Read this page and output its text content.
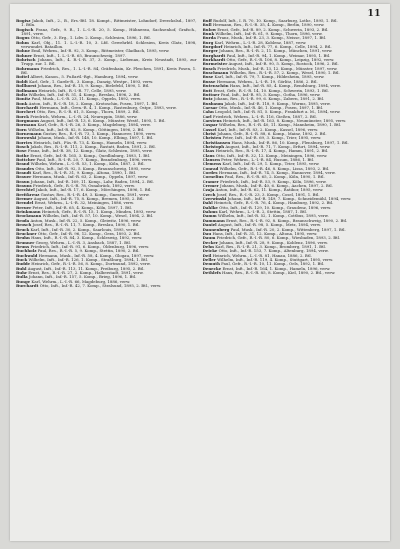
11
Bogisz Jakob, Inft., 2., B., Ers.-Btl. 18. Kompt., Rittmeister, Lohndorf, Dreeckslsd., 1897, 1. Btln.
Bogisch Franz, Gefr., 9. R., 1. L.-I.-R. 20, 5. Komp., Hühnerau, Sachsenhof, Grafsch., 1891, verw.
Bogus Otto, Gefr., 3. Erg., 1. Ldw. 2. Komp., Schlesien, 1896, 1. Btl.
Bohm Karl, Obj., 11. 1. L.-I.-R. 10, 3. Lfd. Gewehrbtl. Schlesien, Kreis Glatz, 1898, verwundet. Bataillon.
Bohne Emil, Wehrm., Inf.-R. 92, 3. Komp., Rittmeister, Gladbach, 1895, verw.
Bohner Ernst, Inft., 1. L.-I.-R. 65, Braunschweig, 1897.
Bohrisch Johann, Inft., 4. R.-I.-R. 37, 3. Komp., Liebenau, Kreis Neustadt, 1895, zur Trupp. zur. 1. Btl.
Bohrmann Friedrich, Res., 1. L.-I.-R. 84, Gräfenhain, Kr. Pleschen, 1891, Kreis Posen, 1. Btl.
Boitel Albert, Kanon., 5. Fußartl.-Rgt., Hamburg, 1894, verw.
Boldt Karl, Gefr., 1. Garde-R., 3. Komp., Danzig, Westpr., 1893, verw.
Bollhorst Johann, Res., Inf.-R. 15, 9. Komp., Bielefeld, 1890, 1. Btl.
Bollmann Heinrich, Inft., R.-I.-R. 77, Celle, 1895, verw.
Boltz Wilhelm, Inft., Inf.-R. 51, 4. Komp., Breslau, 1896, 2. Btl.
Bonitz Paul, Musk., L.-I.-R. 23, 11. Komp., Oppeln, 1892, verw.
Bonk Anton, Inft., R.-I.-R. 18, 2. Komp., Krotoschin, Posen, 1897, 1. Btl.
Borchardt Hermann, Inft., Gren.-R. 4, 1. Komp., Rastenburg, Ostpr., 1893, verw.
Borchert Otto, Res., R.-I.-R. 61, 5. Komp., Thorn, 1889, 2. Btl.
Borck Friedrich, Wehrm., L.-I.-R. 24, Neuruppin, 1886, verw.
Borgmann August, Inft., Inf.-R. 13, 6. Komp., Münster, Westf., 1895, 1. Btl.
Bormann Karl, Gefr., R.-I.-R. 26, 3. Komp., Magdeburg, 1894, verw.
Born Wilhelm, Inft., Inf.-R. 82, 8. Komp., Göttingen, 1896, 2. Btl.
Bornemann Gustav, Res., R.-I.-R. 73, 1. Komp., Hannover, 1890, verw.
Borowski Johann, Musk., Inf.-R. 148, 10. Komp., Elbing, 1897, 1. Btl.
Borries Heinrich, Inft., Füs.-R. 73, 4. Komp., Hameln, 1894, verw.
Bosch Jakob, Res., R.-I.-R. 111, 2. Komp., Rastatt, Baden, 1891, 2. Btl.
Bose Franz, Inft., Inf.-R. 38, 12. Komp., Glatz, Schlesien, 1895, verw.
Bothe Ernst, Gefr., Inf.-R. 165, 3. Komp., Quedlinburg, 1893, 1. Btl.
Bottcher Paul, Inft., R.-I.-R. 20, 7. Komp., Brandenburg, 1896, verw.
Brand Wilhelm, Wehrm., L.-I.-R. 53, 1. Komp., Köln, 1887, 2. Btl.
Brandes Otto, Inft., Inf.-R. 92, 5. Komp., Braunschweig, 1895, verw.
Brandt Karl, Res., R.-I.-R. 31, 9. Komp., Altona, 1890, 1. Btl.
Brauer Hermann, Musk., Inf.-R. 63, 2. Komp., Oppeln, 1897, verw.
Braun Johann, Inft., Inf.-R. 169, 11. Komp., Lahr, Baden, 1894, 2. Btl.
Brauns Friedrich, Gefr., R.-I.-R. 78, Osnabrück, 1892, verw.
Brechtel Jakob, Inft., Inf.-R. 17, 6. Komp., Mörchingen, 1896, 1. Btl.
Breitkreuz Gustav, Res., R.-I.-R. 49, 3. Komp., Gnesen, 1891, verw.
Bremer August, Inft., Inf.-R. 75, 8. Komp., Bremen, 1895, 2. Btl.
Brendel Ernst, Wehrm., L.-I.-R. 32, Meiningen, 1886, verw.
Breuer Peter, Inft., Inf.-R. 65, 4. Komp., Köln, 1897, 1. Btl.
Brinkmann Heinrich, Gefr., R.-I.-R. 15, 1. Komp., Minden, 1893, verw.
Brockmann Wilhelm, Inft., Inf.-R. 57, 10. Komp., Wesel, 1894, 2. Btl.
Broda Anton, Musk., Inf.-R. 22, 5. Komp., Gleiwitz, 1896, verw.
Brosch Josef, Res., R.-I.-R. 11, 7. Komp., Breslau, 1890, 1. Btl.
Bruck Karl, Inft., Inf.-R. 30, 2. Komp., Saarlouis, 1895, verw.
Bruckner Otto, Gefr., Inf.-R. 96, 12. Komp., Gera, 1893, 2. Btl.
Bruhn Hans, Inft., R.-I.-R. 84, 3. Komp., Schleswig, 1892, verw.
Brunner Georg, Wehrm., L.-I.-R. 3, Ansbach, 1887, 1. Btl.
Bruns Friedrich, Inft., Inf.-R. 91, 6. Komp., Oldenburg, 1896, verw.
Buchholz Paul, Res., R.-I.-R. 5, 9. Komp., Stettin, 1890, 2. Btl.
Buchwald Hermann, Musk., Inf.-R. 58, 4. Komp., Glogau, 1897, verw.
Buck Wilhelm, Inft., Inf.-R. 126, 1. Komp., Straßburg, 1894, 1. Btl.
Budde Heinrich, Gefr., R.-I.-R. 56, 8. Komp., Dortmund, 1892, verw.
Buhl August, Inft., Inf.-R. 113, 11. Komp., Freiburg, 1895, 2. Btl.
Buhr Ernst, Res., R.-I.-R. 27, 2. Komp., Halberstadt, 1891, verw.
Bulla Johann, Inft., Inf.-R. 157, 5. Komp., Brieg, 1896, 1. Btl.
Bunge Karl, Wehrm., L.-I.-R. 66, Magdeburg, 1886, verw.
Burchardt Otto, Inft., Inf.-R. 42, 7. Komp., Stralsund, 1895, 2. Btl., verw.
Buff Rudolf, Inft., I. R. 70, 10. Komp., Saarburg, Lothr., 1895, 1. Btl.
Bull Hermann, Res., R.-I.-R. 35, 4. Komp., Berlin, 1890, verw.
Bulow Ernst, Gefr., Inf.-R. 89, 2. Komp., Schwerin, 1893, 2. Btl.
Bunk Wilhelm, Inft., Inf.-R. 61, 9. Komp., Thorn, 1896, verw.
Burda Franz, Musk., Inf.-R. 23, 3. Komp., Neisse, 1897, 1. Btl.
Burg Karl, Wehrm., L.-I.-R. 28, Koblenz, 1887, verw.
Burgdorf Heinrich, Inft., Inf.-R. 77, 6. Komp., Celle, 1894, 2. Btl.
Burger Johann, Res., R.-I.-R. 2, 11. Komp., München, 1891, verw.
Burghardt Paul, Inft., Inf.-R. 94, 1. Komp., Weimar, 1895, 1. Btl.
Burkhardt Otto, Gefr., R.-I.-R. 106, 8. Komp., Leipzig, 1892, verw.
Burmeister August, Inft., Inf.-R. 90, 5. Komp., Rostock, 1896, 2. Btl.
Busch Friedrich, Musk., Inf.-R. 13, 12. Komp., Münster, 1897, verw.
Buschmann Wilhelm, Res., R.-I.-R. 57, 2. Komp., Wesel, 1890, 1. Btl.
Buse Karl, Inft., Inf.-R. 79, 7. Komp., Hildesheim, 1895, verw.
Busse Hermann, Wehrm., L.-I.-R. 19, Görlitz, 1886, 2. Btl.
Butenschön Hans, Inft., Inf.-R. 85, 4. Komp., Rendsburg, 1894, verw.
Butt Ernst, Gefr., R.-I.-R. 14, 10. Komp., Schwerin, 1893, 1. Btl.
Buttner Paul, Inft., Inf.-R. 95, 3. Komp., Gotha, 1896, verw.
Butz Johann, Res., R.-I.-R. 99, 6. Komp., Zabern, 1891, 2. Btl.
Buxbaum Jakob, Inft., Inf.-R. 118, 9. Komp., Worms, 1895, verw.
Caesar Otto, Musk., Inf.-R. 46, 1. Komp., Posen, 1897, 1. Btl.
Cahn Leopold, Inft., Inf.-R. 81, 5. Komp., Frankfurt a. M., 1894, verw.
Carl Friedrich, Wehrm., L.-I.-R. 116, Gießen, 1887, 2. Btl.
Carstens Heinrich, Inft., Inf.-R. 163, 8. Komp., Neumünster, 1895, verw.
Caspar Wilhelm, Res., R.-I.-R. 40, 11. Komp., Mannheim, 1890, 1. Btl.
Cassel Karl, Inft., Inf.-R. 83, 2. Komp., Kassel, 1896, verw.
Christ Johann, Gefr., R.-I.-R. 88, 6. Komp., Mainz, 1892, 2. Btl.
Christen Peter, Inft., Inf.-R. 69, 3. Komp., Trier, 1895, verw.
Christiansen Hans, Musk., Inf.-R. 86, 10. Komp., Flensburg, 1897, 1. Btl.
Christoph August, Inft., Inf.-R. 71, 7. Komp., Erfurt, 1894, verw.
Claas Heinrich, Res., R.-I.-R. 17, 4. Komp., Hamm, 1891, 2. Btl.
Claus Otto, Inft., Inf.-R. 32, 12. Komp., Meiningen, 1896, verw.
Clausen Peter, Wehrm., L.-I.-R. 84, Husum, 1886, 1. Btl.
Clemens Karl, Inft., Inf.-R. 29, 1. Komp., Trier, 1895, verw.
Conrad Wilhelm, Gefr., R.-I.-R. 46, 8. Komp., Lissa, 1893, 2. Btl.
Cordes Hermann, Inft., Inf.-R. 74, 5. Komp., Hannover, 1894, verw.
Cornelius Paul, Res., R.-I.-R. 65, 2. Komp., Köln, 1890, 1. Btl.
Cramer Friedrich, Inft., Inf.-R. 53, 9. Komp., Köln, 1896, verw.
Cremer Johann, Musk., Inf.-R. 40, 6. Komp., Aachen, 1897, 2. Btl.
Czaja Anton, Inft., Inf.-R. 62, 11. Komp., Ratibor, 1895, verw.
Czech Josef, Res., R.-I.-R. 23, 3. Komp., Cosel, 1891, 1. Btl.
Czerwinski Johann, Inft., Inf.-R. 149, 7. Komp., Schneidemühl, 1894, verw.
Dahl Heinrich, Gefr., R.-I.-R. 76, 4. Komp., Hamburg, 1892, 2. Btl.
Dahlke Otto, Inft., Inf.-R. 129, 10. Komp., Graudenz, 1896, verw.
Dahms Karl, Wehrm., L.-I.-R. 2, Stettin, 1887, 1. Btl.
Damm Wilhelm, Inft., Inf.-R. 52, 1. Komp., Cottbus, 1895, verw.
Dammann Ernst, Res., R.-I.-R. 92, 8. Komp., Braunschweig, 1890, 2. Btl.
Daniel August, Inft., Inf.-R. 98, 5. Komp., Metz, 1894, verw.
Dannenberg Paul, Musk., Inf.-R. 20, 2. Komp., Wittenberg, 1897, 1. Btl.
Dau Hans, Inft., Inf.-R. 31, 12. Komp., Altona, 1895, verw.
Daum Friedrich, Gefr., R.-I.-R. 80, 6. Komp., Wiesbaden, 1893, 2. Btl.
Decker Johann, Inft., Inf.-R. 28, 9. Komp., Koblenz, 1896, verw.
Dehn Karl, Res., R.-I.-R. 21, 3. Komp., Bromberg, 1891, 1. Btl.
Deicke Otto, Inft., Inf.-R. 153, 7. Komp., Altenburg, 1894, verw.
Deil Heinrich, Wehrm., L.-I.-R. 81, Hanau, 1886, 2. Btl.
Deller Wilhelm, Inft., Inf.-R. 119, 4. Komp., Stuttgart, 1895, verw.
Demuth Paul, Gefr., R.-I.-R. 10, 11. Komp., Oels, 1892, 1. Btl.
Denecke Ernst, Inft., Inf.-R. 164, 1. Komp., Hameln, 1896, verw.
Dethlefs Hans, Res., R.-I.-R. 85, 8. Komp., Kiel, 1890, 2. Btl., verw.
